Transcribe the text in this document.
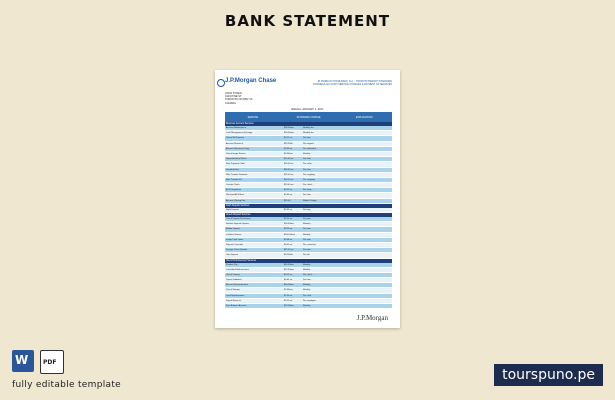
BANK STATEMENT
J.P.Morgan Chase
JOHN SYDEN
4323 PINE ST.
TORONTO ON M5V 1X
CANADA
JP MORGAN CHASE BANK, N.A. - TORONTO BRANCH STANDARD BUSINESS ACCOUNT SERVICE CHARGES & PAYMENT OF SERVICES
Effective JANUARY 1, 2017
SERVICE	STANDARD CHARGE	EXPLANATION
Business Account Services
Account Maintenance	$28.00/mo	Monthly fee
Cash Management Package	$50.00/mo	Monthly fee
Online Bill Payment	$0.75 ea	Per item
Account Research	$25.00/hr	Per request
Account Statement Copy	$5.00 ea	Per statement
Check Image Service	$3.00/mo	Monthly
Deposited Item Return	$15.00 ea	Per item
Stop Payment Order	$30.00 ea	Per order
Overdraft Fee	$34.00 ea	Per item
Wire Transfer Domestic	$25.00 ea	Per outgoing
Wire Transfer Intl	$50.00 ea	Per outgoing
Cashier Check	$10.00 ea	Per check
ACH Origination	$0.20 ea	Per entry
Returned ACH Item	$5.00 ea	Per item
Account Closing Fee	$25.00	Within 90 days
Cash Deposit Services
Night Deposit	$5.00 ea	Per bag
Check Deposit Services
Check Deposit Processing	$0.12 ea	Per item
Remote Deposit Capture	$50.00/mo	Monthly
Mobile Deposit	$0.25 ea	Per item
Lockbox Service	$100.00/mo	Monthly
Image Cash Letter	$0.08 ea	Per item
Deposit Correction	$5.00 ea	Per correction
Foreign Check Deposit	$25.00 ea	Per item
Coin Deposit	$0.10/roll	Per roll
Client Disbursement Services
Positive Pay	$40.00/mo	Monthly
Controlled Disbursement	$75.00/mo	Monthly
Check Printing	$0.15 ea	Per check
Payee Validation	$0.05 ea	Per item
Account Reconcilement	$60.00/mo	Monthly
Check Storage	$2.00/mo	Monthly
Card Disbursement	$1.00 ea	Per card
Payroll Services	$2.50 ea	Per employee
Zero Balance Account	$20.00/mo	Monthly
J.P.Morgan
W
PDF
fully editable template
tourspuno.pe
